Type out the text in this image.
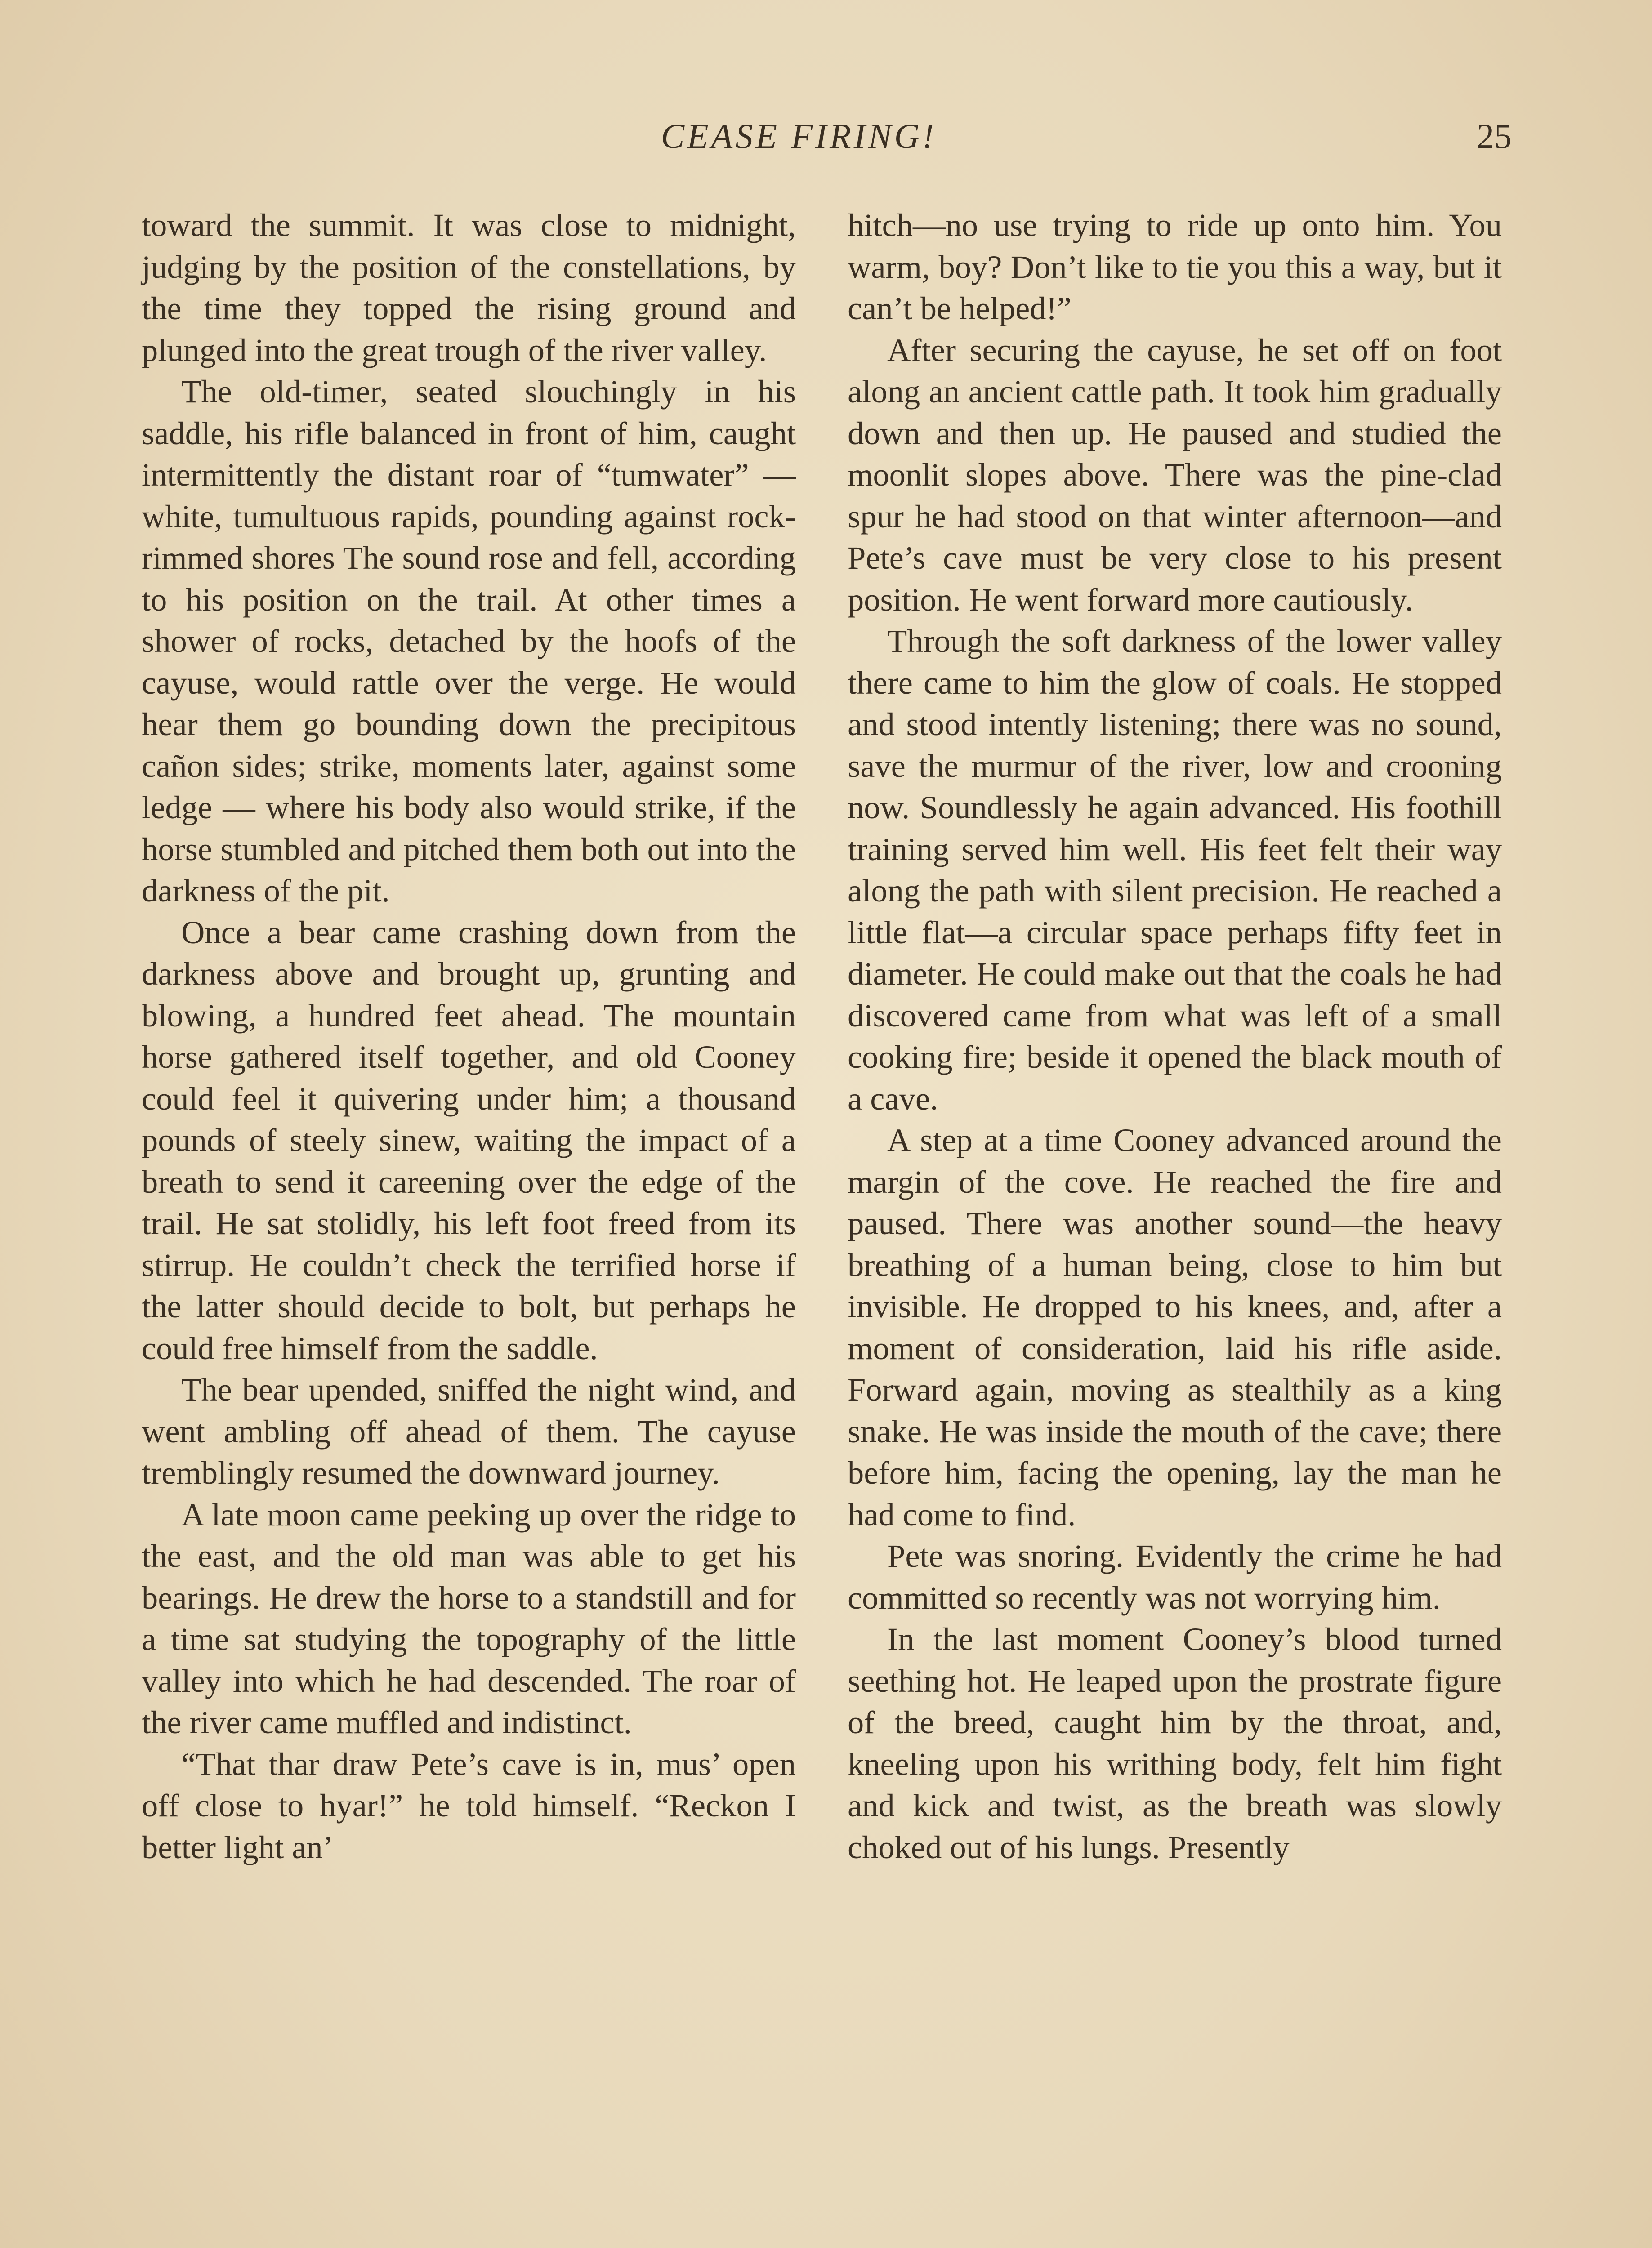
CEASE FIRING!	25

toward the summit. It was close to midnight, judging by the position of the constellations, by the time they topped the rising ground and plunged into the great trough of the river valley.

The old-timer, seated slouchingly in his saddle, his rifle balanced in front of him, caught intermittently the distant roar of “tumwater” — white, tumultuous rapids, pounding against rock-rimmed shores The sound rose and fell, according to his position on the trail. At other times a shower of rocks, detached by the hoofs of the cayuse, would rattle over the verge. He would hear them go bounding down the precipitous cañon sides; strike, moments later, against some ledge — where his body also would strike, if the horse stumbled and pitched them both out into the darkness of the pit.

Once a bear came crashing down from the darkness above and brought up, grunting and blowing, a hundred feet ahead. The mountain horse gathered itself together, and old Cooney could feel it quivering under him; a thousand pounds of steely sinew, waiting the impact of a breath to send it careening over the edge of the trail. He sat stolidly, his left foot freed from its stirrup. He couldn’t check the terrified horse if the latter should decide to bolt, but perhaps he could free himself from the saddle.

The bear upended, sniffed the night wind, and went ambling off ahead of them. The cayuse tremblingly resumed the downward journey.

A late moon came peeking up over the ridge to the east, and the old man was able to get his bearings. He drew the horse to a standstill and for a time sat studying the topography of the little valley into which he had descended. The roar of the river came muffled and indistinct.

“That thar draw Pete’s cave is in, mus’ open off close to hyar!” he told himself. “Reckon I better light an’

hitch—no use trying to ride up onto him. You warm, boy? Don’t like to tie you this a way, but it can’t be helped!”

After securing the cayuse, he set off on foot along an ancient cattle path. It took him gradually down and then up. He paused and studied the moonlit slopes above. There was the pine-clad spur he had stood on that winter afternoon—and Pete’s cave must be very close to his present position. He went forward more cautiously.

Through the soft darkness of the lower valley there came to him the glow of coals. He stopped and stood intently listening; there was no sound, save the murmur of the river, low and crooning now. Soundlessly he again advanced. His foothill training served him well. His feet felt their way along the path with silent precision. He reached a little flat—a circular space perhaps fifty feet in diameter. He could make out that the coals he had discovered came from what was left of a small cooking fire; beside it opened the black mouth of a cave.

A step at a time Cooney advanced around the margin of the cove. He reached the fire and paused. There was another sound—the heavy breathing of a human being, close to him but invisible. He dropped to his knees, and, after a moment of consideration, laid his rifle aside. Forward again, moving as stealthily as a king snake. He was inside the mouth of the cave; there before him, facing the opening, lay the man he had come to find.

Pete was snoring. Evidently the crime he had committed so recently was not worrying him.

In the last moment Cooney’s blood turned seething hot. He leaped upon the prostrate figure of the breed, caught him by the throat, and, kneeling upon his writhing body, felt him fight and kick and twist, as the breath was slowly choked out of his lungs. Presently
